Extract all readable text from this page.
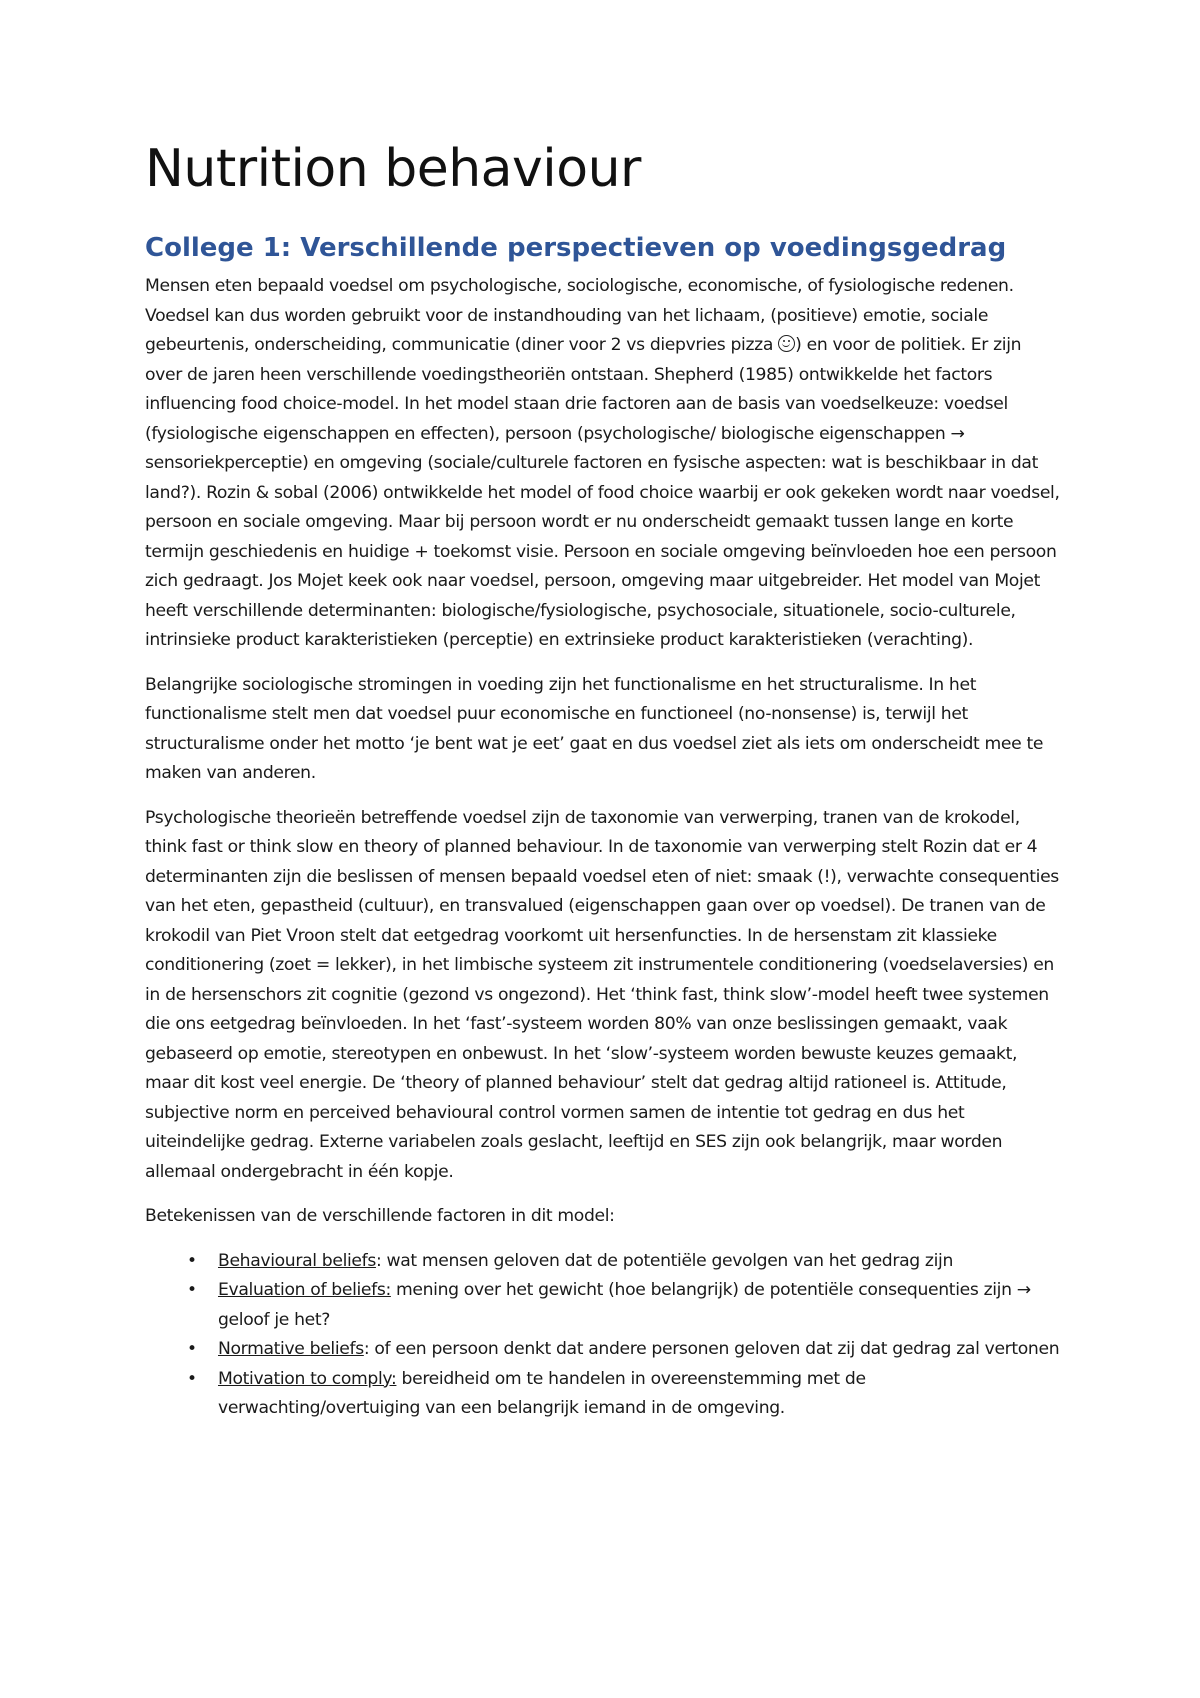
Nutrition behaviour
College 1: Verschillende perspectieven op voedingsgedrag

Mensen eten bepaald voedsel om psychologische, sociologische, economische, of fysiologische redenen. Voedsel kan dus worden gebruikt voor de instandhouding van het lichaam, (positieve) emotie, sociale gebeurtenis, onderscheiding, communicatie (diner voor 2 vs diepvries pizza
) en voor de politiek. Er zijn over de jaren heen verschillende voedingstheoriën ontstaan. Shepherd (1985) ontwikkelde het factors influencing food choice-model. In het model staan drie factoren aan de basis van voedselkeuze: voedsel (fysiologische eigenschappen en effecten), persoon (psychologische/ biologische eigenschappen → sensoriekperceptie) en omgeving (sociale/culturele factoren en fysische aspecten: wat is beschikbaar in dat land?). Rozin & sobal (2006) ontwikkelde het model of food choice waarbij er ook gekeken wordt naar voedsel, persoon en sociale omgeving. Maar bij persoon wordt er nu onderscheidt gemaakt tussen lange en korte termijn geschiedenis en huidige + toekomst visie. Persoon en sociale omgeving beïnvloeden hoe een persoon zich gedraagt. Jos Mojet keek ook naar voedsel, persoon, omgeving maar uitgebreider. Het model van Mojet heeft verschillende determinanten: biologische/fysiologische, psychosociale, situationele, socio-culturele, intrinsieke product karakteristieken (perceptie) en extrinsieke product karakteristieken (verachting).

Belangrijke sociologische stromingen in voeding zijn het functionalisme en het structuralisme. In het functionalisme stelt men dat voedsel puur economische en functioneel (no-nonsense) is, terwijl het structuralisme onder het motto ‘je bent wat je eet’ gaat en dus voedsel ziet als iets om onderscheidt mee te maken van anderen.

Psychologische theorieën betreffende voedsel zijn de taxonomie van verwerping, tranen van de krokodel, think fast or think slow en theory of planned behaviour. In de taxonomie van verwerping stelt Rozin dat er 4 determinanten zijn die beslissen of mensen bepaald voedsel eten of niet: smaak (!), verwachte consequenties van het eten, gepastheid (cultuur), en transvalued (eigenschappen gaan over op voedsel). De tranen van de krokodil van Piet Vroon stelt dat eetgedrag voorkomt uit hersenfuncties. In de hersenstam zit klassieke conditionering (zoet = lekker), in het limbische systeem zit instrumentele conditionering (voedselaversies) en in de hersenschors zit cognitie (gezond vs ongezond). Het ‘think fast, think slow’-model heeft twee systemen die ons eetgedrag beïnvloeden. In het ‘fast’-systeem worden 80% van onze beslissingen gemaakt, vaak gebaseerd op emotie, stereotypen en onbewust. In het ‘slow’-systeem worden bewuste keuzes gemaakt, maar dit kost veel energie. De ‘theory of planned behaviour’ stelt dat gedrag altijd rationeel is. Attitude, subjective norm en perceived behavioural control vormen samen de intentie tot gedrag en dus het uiteindelijke gedrag. Externe variabelen zoals geslacht, leeftijd en SES zijn ook belangrijk, maar worden allemaal ondergebracht in één kopje.

Betekenissen van de verschillende factoren in dit model:

• Behavioural beliefs: wat mensen geloven dat de potentiële gevolgen van het gedrag zijn
• Evaluation of beliefs: mening over het gewicht (hoe belangrijk) de potentiële consequenties zijn → geloof je het?
• Normative beliefs: of een persoon denkt dat andere personen geloven dat zij dat gedrag zal vertonen
• Motivation to comply: bereidheid om te handelen in overeenstemming met de verwachting/overtuiging van een belangrijk iemand in de omgeving.
